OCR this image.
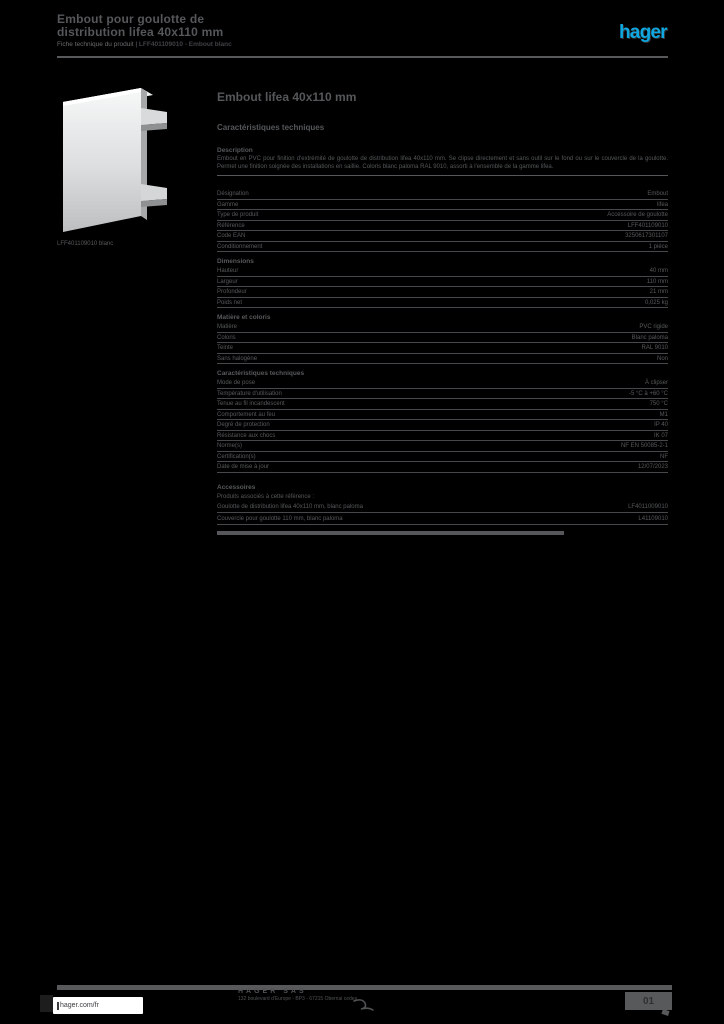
Embout pour goulotte de
distribution lifea 40x110 mm
Fiche technique du produit | LFF401109010 - Embout blanc
hager
LFF401109010 blanc
Embout lifea 40x110 mm
Caractéristiques techniques
Description
Embout en PVC pour finition d'extrémité de goulotte de distribution lifea 40x110 mm. Se clipse directement et sans outil sur le fond ou sur le couvercle de la goulotte. Permet une finition soignée des installations en saillie. Coloris blanc paloma RAL 9010, assorti à l'ensemble de la gamme lifea.
Désignation	Embout
Gamme	lifea
Type de produit	Accessoire de goulotte
Référence	LFF401109010
Code EAN	3250617301107
Conditionnement	1 pièce
Dimensions
Hauteur	40 mm
Largeur	110 mm
Profondeur	21 mm
Poids net	0,025 kg
Matière et coloris
Matière	PVC rigide
Coloris	Blanc paloma
Teinte	RAL 9010
Sans halogène	Non
Caractéristiques techniques
Mode de pose	À clipser
Température d'utilisation	-5 °C à +60 °C
Tenue au fil incandescent	750 °C
Comportement au feu	M1
Degré de protection	IP 40
Résistance aux chocs	IK 07
Norme(s)	NF EN 50085-2-1
Certification(s)	NF
Date de mise à jour	12/07/2023
Accessoires
Produits associés à cette référence :
Goulotte de distribution lifea 40x110 mm, blanc paloma	LF4011009010
Couvercle pour goulotte 110 mm, blanc paloma	L41109010
hager.com/fr
HAGER SAS
132 boulevard d'Europe - BP3 - 67215 Obernai cedex	01
